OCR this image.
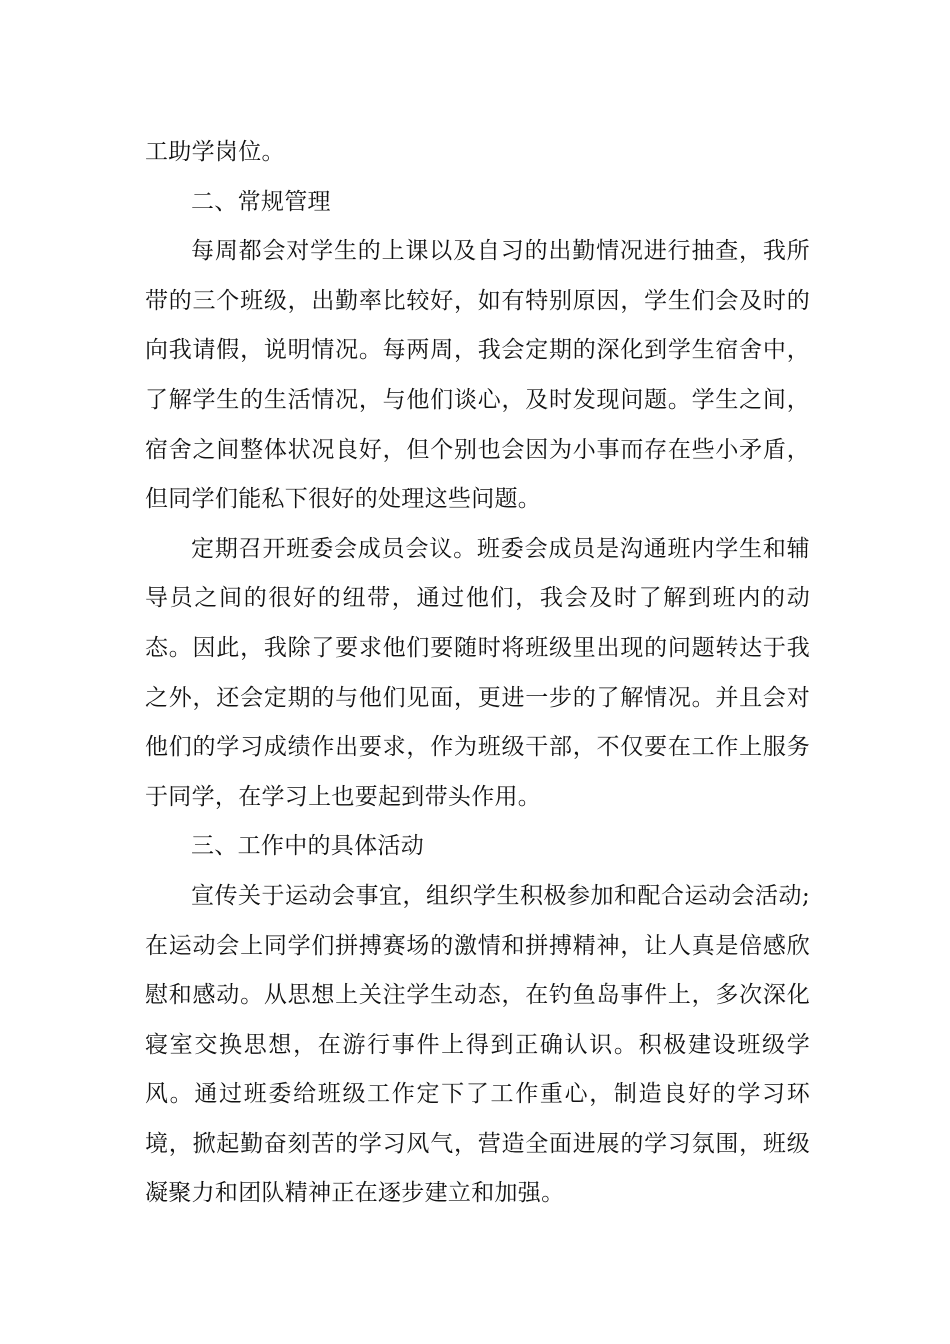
工助学岗位。

二、常规管理

每周都会对学生的上课以及自习的出勤情况进行抽查，我所带的三个班级，出勤率比较好，如有特别原因，学生们会及时的向我请假，说明情况。每两周，我会定期的深化到学生宿舍中，了解学生的生活情况，与他们谈心，及时发现问题。学生之间，宿舍之间整体状况良好，但个别也会因为小事而存在些小矛盾，但同学们能私下很好的处理这些问题。

定期召开班委会成员会议。班委会成员是沟通班内学生和辅导员之间的很好的纽带，通过他们，我会及时了解到班内的动态。因此，我除了要求他们要随时将班级里出现的问题转达于我之外，还会定期的与他们见面，更进一步的了解情况。并且会对他们的学习成绩作出要求，作为班级干部，不仅要在工作上服务于同学，在学习上也要起到带头作用。

三、工作中的具体活动

宣传关于运动会事宜，组织学生积极参加和配合运动会活动;在运动会上同学们拼搏赛场的激情和拼搏精神，让人真是倍感欣慰和感动。从思想上关注学生动态，在钓鱼岛事件上，多次深化寝室交换思想，在游行事件上得到正确认识。积极建设班级学风。通过班委给班级工作定下了工作重心，制造良好的学习环境，掀起勤奋刻苦的学习风气，营造全面进展的学习氛围，班级凝聚力和团队精神正在逐步建立和加强。
